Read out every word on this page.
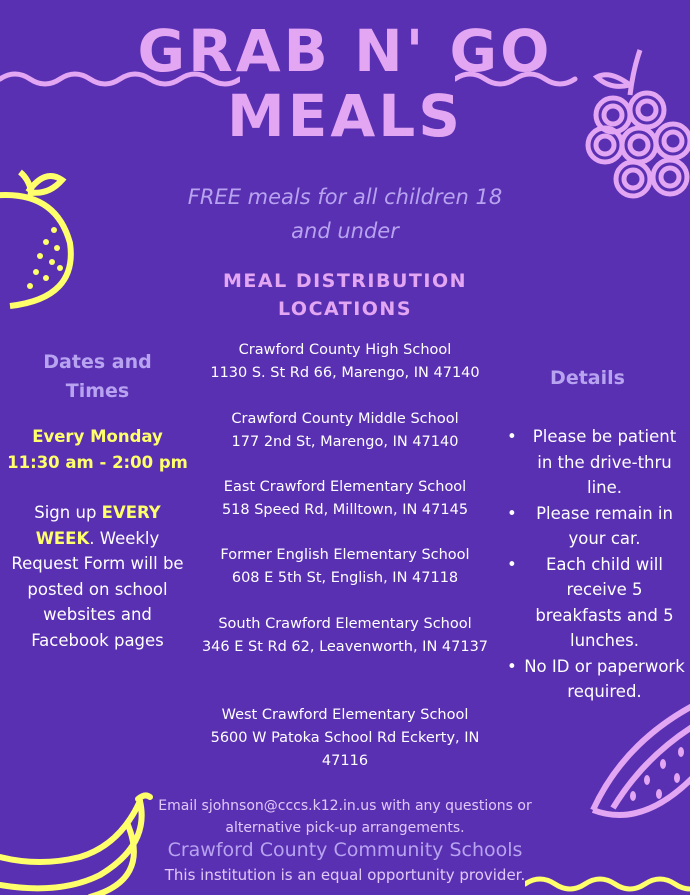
GRAB N' GO
MEALS
FREE meals for all children 18 and under
MEAL DISTRIBUTION LOCATIONS
Dates and Times
Every Monday
11:30 am - 2:00 pm
Sign up EVERY WEEK. Weekly Request Form will be posted on school websites and Facebook pages
Crawford County High School
1130 S. St Rd 66, Marengo, IN 47140
Crawford County Middle School
177 2nd St, Marengo, IN 47140
East Crawford Elementary School
518 Speed Rd, Milltown, IN 47145
Former English Elementary School
608 E 5th St, English, IN 47118
South Crawford Elementary School
346 E St Rd 62, Leavenworth, IN 47137
West Crawford Elementary School
5600 W Patoka School Rd Eckerty, IN 47116
Details
• Please be patient in the drive-thru line.
• Please remain in your car.
• Each child will receive 5 breakfasts and 5 lunches.
• No ID or paperwork required.
Email sjohnson@cccs.k12.in.us with any questions or alternative pick-up arrangements.
Crawford County Community Schools
This institution is an equal opportunity provider.
